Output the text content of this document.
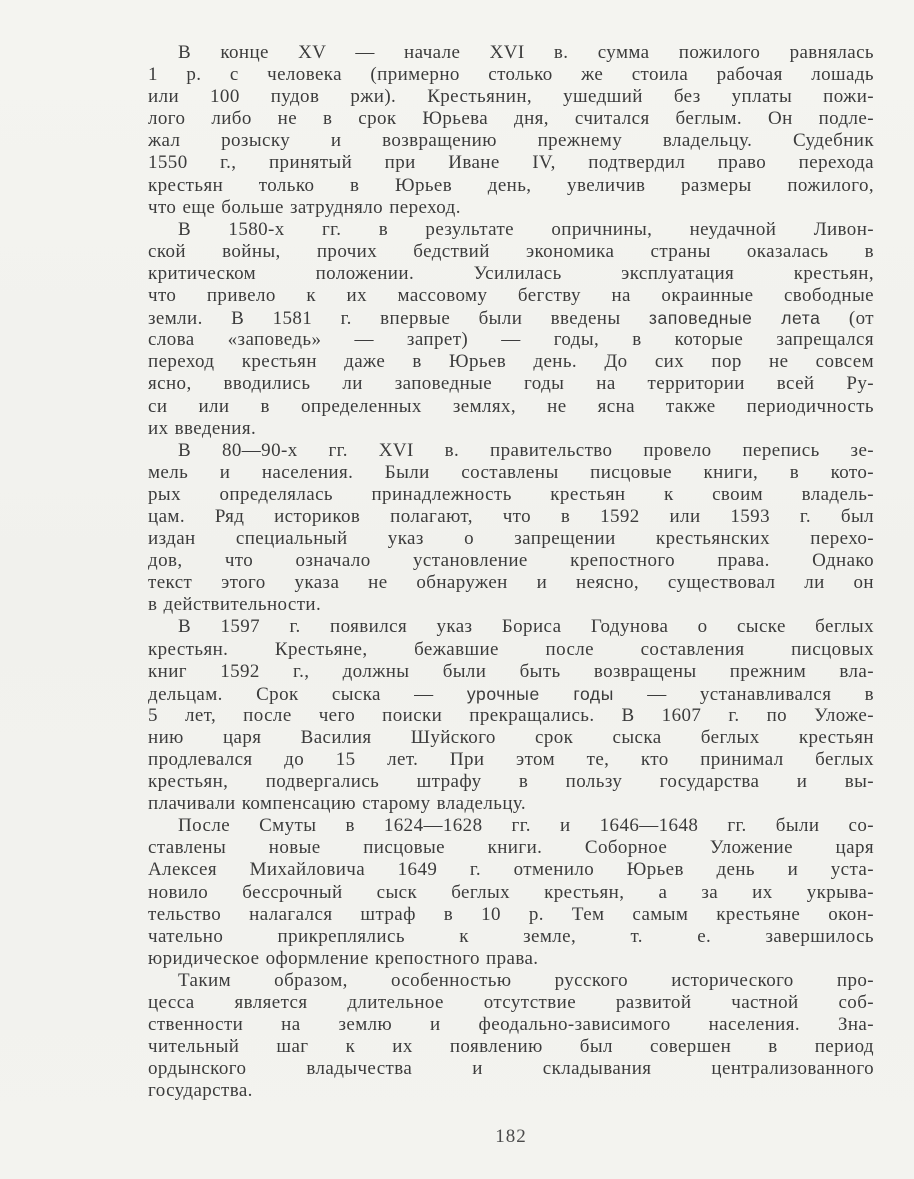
В конце XV — начале XVI в. сумма пожилого равнялась
1 р. с человека (примерно столько же стоила рабочая лошадь
или 100 пудов ржи). Крестьянин, ушедший без уплаты пожи-
лого либо не в срок Юрьева дня, считался беглым. Он подле-
жал розыску и возвращению прежнему владельцу. Судебник
1550 г., принятый при Иване IV, подтвердил право перехода
крестьян только в Юрьев день, увеличив размеры пожилого,
что еще больше затрудняло переход.
В 1580-х гг. в результате опричнины, неудачной Ливон-
ской войны, прочих бедствий экономика страны оказалась в
критическом положении. Усилилась эксплуатация крестьян,
что привело к их массовому бегству на окраинные свободные
земли. В 1581 г. впервые были введены заповедные лета (от
слова «заповедь» — запрет) — годы, в которые запрещался
переход крестьян даже в Юрьев день. До сих пор не совсем
ясно, вводились ли заповедные годы на территории всей Ру-
си или в определенных землях, не ясна также периодичность
их введения.
В 80—90-х гг. XVI в. правительство провело перепись зе-
мель и населения. Были составлены писцовые книги, в кото-
рых определялась принадлежность крестьян к своим владель-
цам. Ряд историков полагают, что в 1592 или 1593 г. был
издан специальный указ о запрещении крестьянских перехо-
дов, что означало установление крепостного права. Однако
текст этого указа не обнаружен и неясно, существовал ли он
в действительности.
В 1597 г. появился указ Бориса Годунова о сыске беглых
крестьян. Крестьяне, бежавшие после составления писцовых
книг 1592 г., должны были быть возвращены прежним вла-
дельцам. Срок сыска — урочные годы — устанавливался в
5 лет, после чего поиски прекращались. В 1607 г. по Уложе-
нию царя Василия Шуйского срок сыска беглых крестьян
продлевался до 15 лет. При этом те, кто принимал беглых
крестьян, подвергались штрафу в пользу государства и вы-
плачивали компенсацию старому владельцу.
После Смуты в 1624—1628 гг. и 1646—1648 гг. были со-
ставлены новые писцовые книги. Соборное Уложение царя
Алексея Михайловича 1649 г. отменило Юрьев день и уста-
новило бессрочный сыск беглых крестьян, а за их укрыва-
тельство налагался штраф в 10 р. Тем самым крестьяне окон-
чательно прикреплялись к земле, т. е. завершилось
юридическое оформление крепостного права.
Таким образом, особенностью русского исторического про-
цесса является длительное отсутствие развитой частной соб-
ственности на землю и феодально-зависимого населения. Зна-
чительный шаг к их появлению был совершен в период
ордынского владычества и складывания централизованного
государства.
182
